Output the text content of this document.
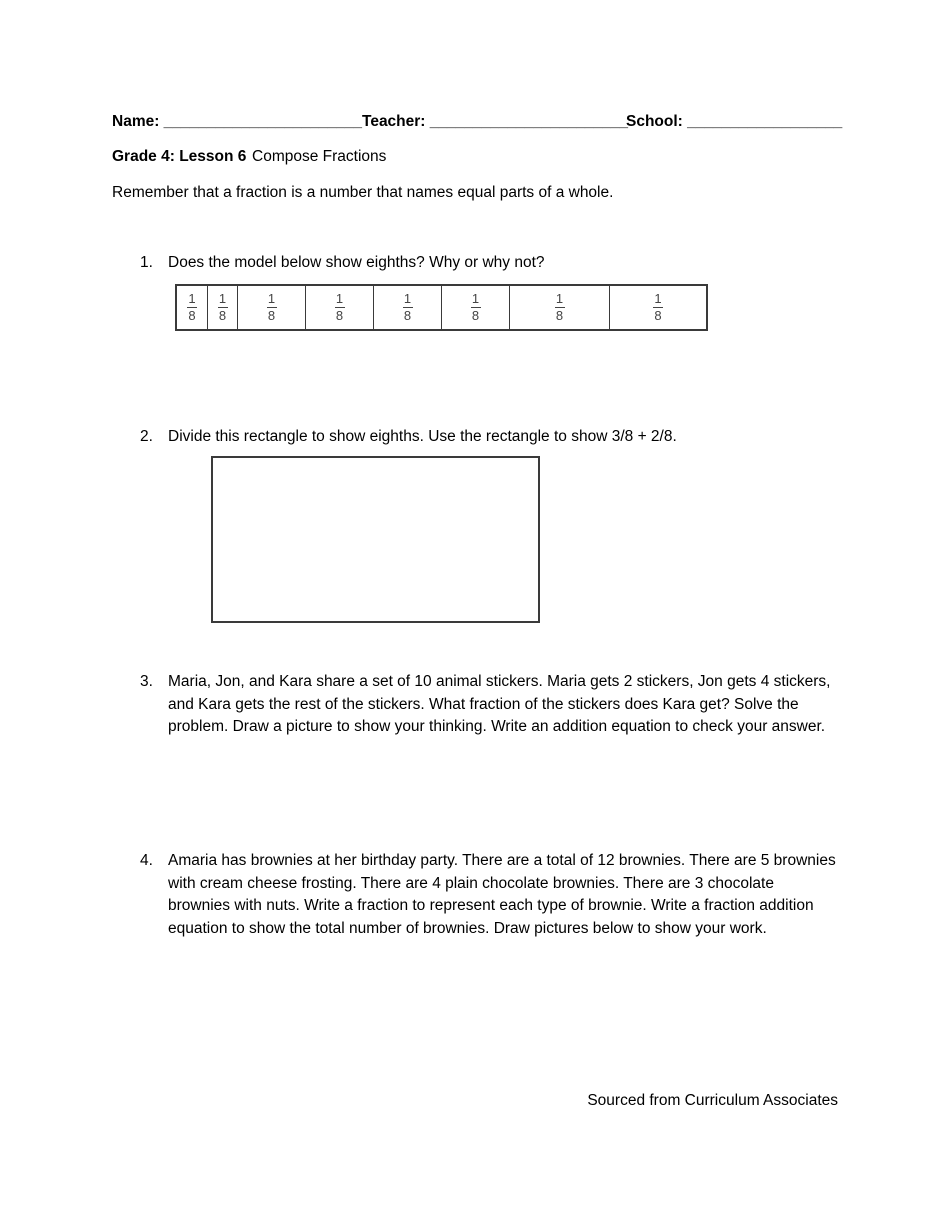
Name: _______________________ Teacher: _______________________
School: __________________
Grade 4: Lesson 6 Compose Fractions
Remember that a fraction is a number that names equal parts of a whole.
1. Does the model below show eighths? Why or why not?
$\frac{1}{8} \frac{1}{8}$	$\frac{1}{8}$	$\frac{1}{8}$	$\frac{1}{8}$	$\frac{1}{8}$	$\frac{1}{8}$	$\frac{1}{8}$
2. Divide this rectangle to show eighths. Use the rectangle to show 3/8 + 2/8.
3. Maria, Jon, and Kara share a set of 10 animal stickers. Maria gets 2 stickers, Jon gets 4 stickers, and Kara gets the rest of the stickers. What fraction of the stickers does Kara get? Solve the problem. Draw a picture to show your thinking. Write an addition equation to check your answer.
4. Amaria has brownies at her birthday party. There are a total of 12 brownies. There are 5 brownies with cream cheese frosting. There are 4 plain chocolate brownies. There are 3 chocolate brownies with nuts. Write a fraction to represent each type of brownie. Write a fraction addition equation to show the total number of brownies. Draw pictures below to show your work.
Sourced from Curriculum Associates
